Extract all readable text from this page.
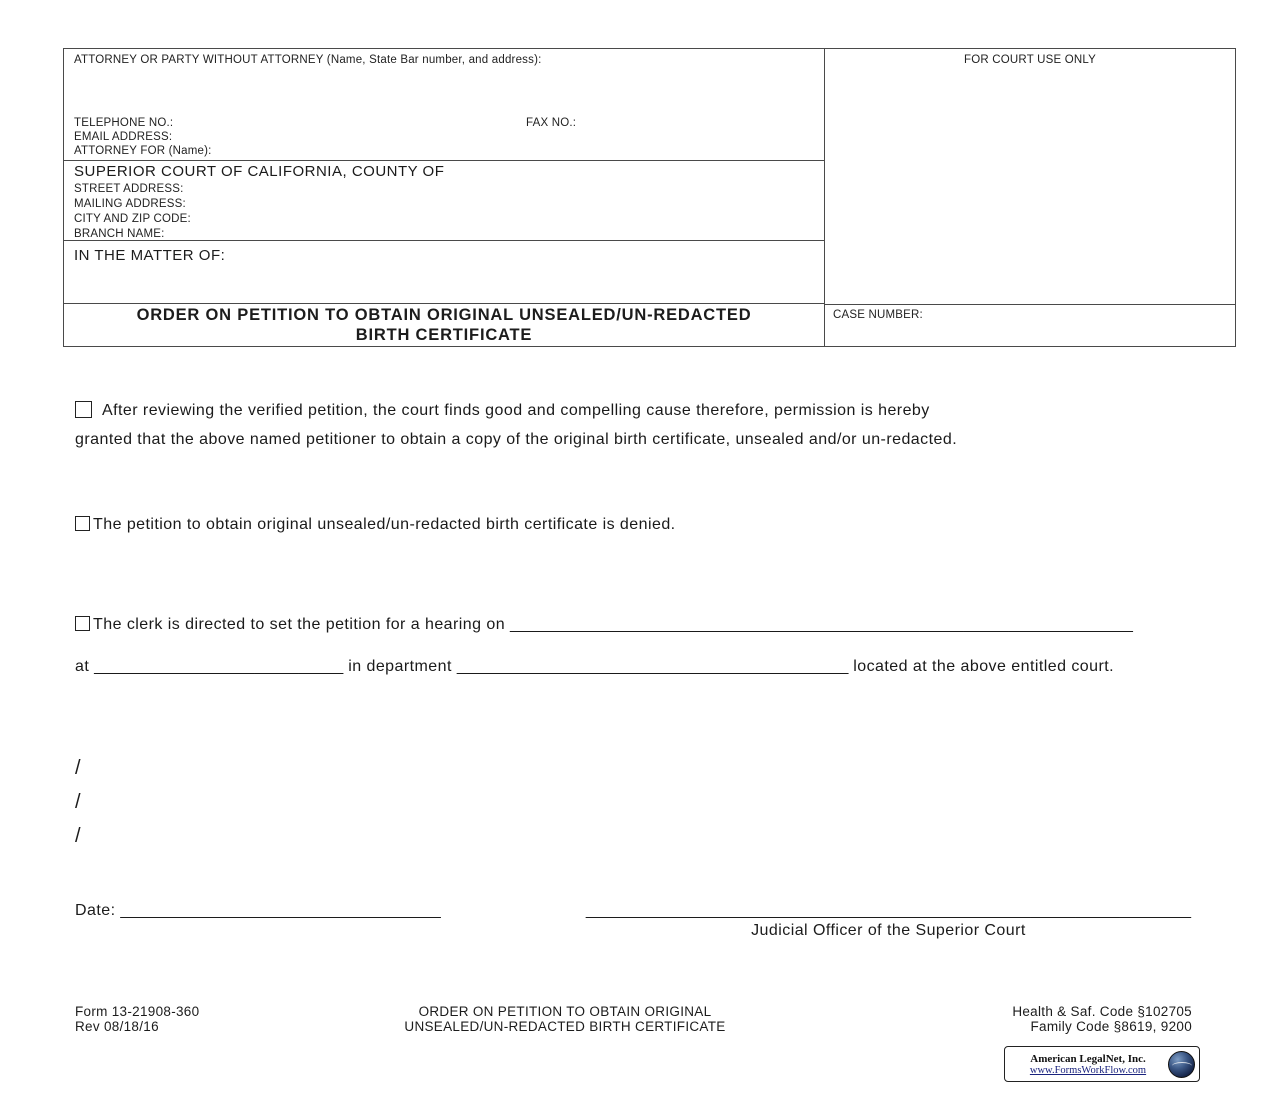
ATTORNEY OR PARTY WITHOUT ATTORNEY (Name, State Bar number, and address):
TELEPHONE NO.:	FAX NO.:
EMAIL ADDRESS:
ATTORNEY FOR (Name):
SUPERIOR COURT OF CALIFORNIA, COUNTY OF
STREET ADDRESS:
MAILING ADDRESS:
CITY AND ZIP CODE:
BRANCH NAME:
IN THE MATTER OF:
ORDER ON PETITION TO OBTAIN ORIGINAL UNSEALED/UN-REDACTED
BIRTH CERTIFICATE
FOR COURT USE ONLY
CASE NUMBER:
After reviewing the verified petition, the court finds good and compelling cause therefore, permission is hereby
granted that the above named petitioner to obtain a copy of the original birth certificate, unsealed and/or un-redacted.
The petition to obtain original unsealed/un-redacted birth certificate is denied.
The clerk is directed to set the petition for a hearing on ______________________________________________________________________
at ____________________________ in department ____________________________________________ located at the above entitled court.
/
/
/
Date: ____________________________________	____________________________________________________________________
Judicial Officer of the Superior Court
Form 13-21908-360
Rev 08/18/16
ORDER ON PETITION TO OBTAIN ORIGINAL
UNSEALED/UN-REDACTED BIRTH CERTIFICATE
Health & Saf. Code §102705
Family Code §8619, 9200
American LegalNet, Inc.
www.FormsWorkFlow.com
